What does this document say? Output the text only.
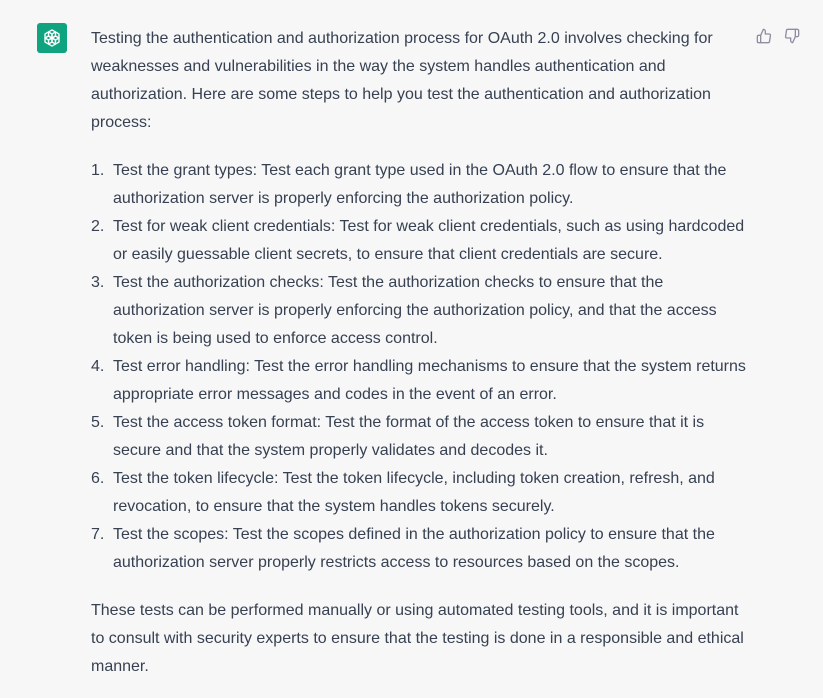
Testing the authentication and authorization process for OAuth 2.0 involves checking for weaknesses and vulnerabilities in the way the system handles authentication and authorization. Here are some steps to help you test the authentication and authorization process:

1. Test the grant types: Test each grant type used in the OAuth 2.0 flow to ensure that the authorization server is properly enforcing the authorization policy.
2. Test for weak client credentials: Test for weak client credentials, such as using hardcoded or easily guessable client secrets, to ensure that client credentials are secure.
3. Test the authorization checks: Test the authorization checks to ensure that the authorization server is properly enforcing the authorization policy, and that the access token is being used to enforce access control.
4. Test error handling: Test the error handling mechanisms to ensure that the system returns appropriate error messages and codes in the event of an error.
5. Test the access token format: Test the format of the access token to ensure that it is secure and that the system properly validates and decodes it.
6. Test the token lifecycle: Test the token lifecycle, including token creation, refresh, and revocation, to ensure that the system handles tokens securely.
7. Test the scopes: Test the scopes defined in the authorization policy to ensure that the authorization server properly restricts access to resources based on the scopes.

These tests can be performed manually or using automated testing tools, and it is important to consult with security experts to ensure that the testing is done in a responsible and ethical manner.
